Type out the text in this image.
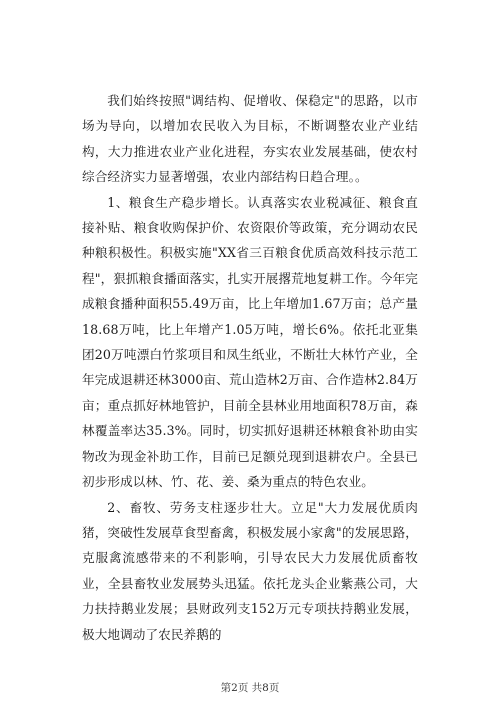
我们始终按照"调结构、促增收、保稳定"的思路，以市场为导向，以增加农民收入为目标，不断调整农业产业结构，大力推进农业产业化进程，夯实农业发展基础，使农村综合经济实力显著增强，农业内部结构日趋合理。。

1、粮食生产稳步增长。认真落实农业税减征、粮食直接补贴、粮食收购保护价、农资限价等政策，充分调动农民种粮积极性。积极实施"XX省三百粮食优质高效科技示范工程"，狠抓粮食播面落实，扎实开展撂荒地复耕工作。今年完成粮食播种面积55.49万亩，比上年增加1.67万亩；总产量18.68万吨，比上年增产1.05万吨，增长6%。依托北亚集团20万吨漂白竹浆项目和凤生纸业，不断壮大林竹产业，全年完成退耕还林3000亩、荒山造林2万亩、合作造林2.84万亩；重点抓好林地管护，目前全县林业用地面积78万亩，森林覆盖率达35.3%。同时，切实抓好退耕还林粮食补助由实物改为现金补助工作，目前已足额兑现到退耕农户。全县已初步形成以林、竹、花、姜、桑为重点的特色农业。

2、畜牧、劳务支柱逐步壮大。立足"大力发展优质肉猪，突破性发展草食型畜禽，积极发展小家禽"的发展思路，克服禽流感带来的不利影响，引导农民大力发展优质畜牧业，全县畜牧业发展势头迅猛。依托龙头企业紫燕公司，大力扶持鹅业发展；县财政列支152万元专项扶持鹅业发展，极大地调动了农民养鹅的

第2页 共8页
